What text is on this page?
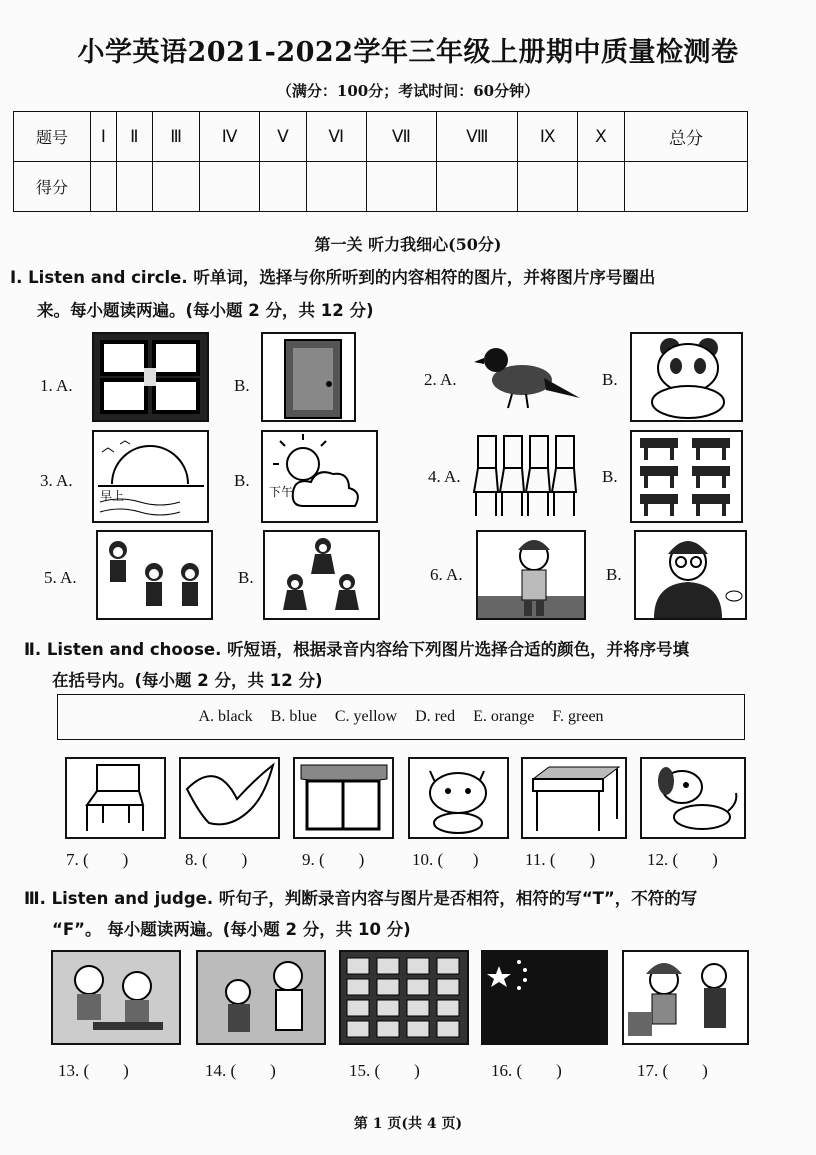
小学英语2021-2022学年三年级上册期中质量检测卷
（满分：100分；考试时间：60分钟）
题号	Ⅰ	Ⅱ	Ⅲ	Ⅳ	Ⅴ	Ⅵ	Ⅶ	Ⅷ	Ⅸ	Ⅹ	总分
得分											
第一关 听力我细心(50分)
Ⅰ. Listen and circle. 听单词，选择与你所听到的内容相符的图片，并将图片序号圈出
来。每小题读两遍。(每小题 2 分，共 12 分)
1. A.	B.	2. A.	B.
3. A.
早上
B.
下午
4. A.	B.
5. A.	B.	6. A.	B.
Ⅱ. Listen and choose. 听短语，根据录音内容给下列图片选择合适的颜色，并将序号填
在括号内。(每小题 2 分，共 12 分)
A. black B. blue C. yellow D. red E. orange F. green
7. (        )	8. (        )	9. (        )	10. (       )	11. (        )	12. (        )
Ⅲ. Listen and judge. 听句子，判断录音内容与图片是否相符，相符的写“T”，不符的写
“F”。 每小题读两遍。(每小题 2 分，共 10 分)
13. (        )	14. (        )	15. (        )	16. (        )	17. (        )
第 1 页(共 4 页)
